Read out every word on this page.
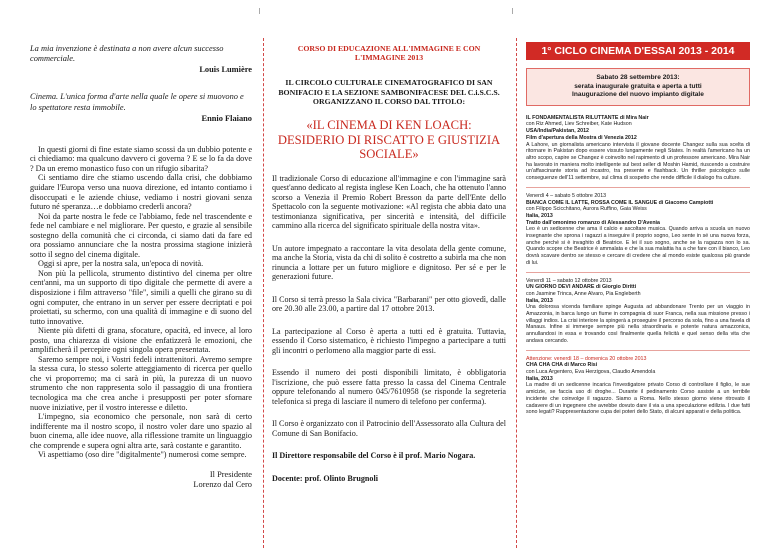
La mia invenzione è destinata a non avere alcun successo commerciale.

Louis Lumière

Cinema. L'unica forma d'arte nella quale le opere si muovono e lo spettatore resta immobile.

Ennio Flaiano

In questi giorni di fine estate siamo scossi da un dubbio potente e ci chiediamo: ma qualcuno davvero ci governa ? E se lo fa da dove ? Da un eremo monastico fuso con un rifugio sibarita?

Ci sentiamo dire che stiamo uscendo dalla crisi, che dobbiamo guidare l'Europa verso una nuova direzione, ed intanto contiamo i disoccupati e le aziende chiuse, vediamo i nostri giovani senza futuro né speranza…e dobbiamo crederli ancora?

Noi da parte nostra le fede ce l'abbiamo, fede nel trascendente e fede nel cambiare e nel migliorare. Per questo, e grazie al sensibile sostegno della comunità che ci circonda, ci siamo dati da fare ed ora possiamo annunciare che la nostra prossima stagione inizierà sotto il segno del cinema digitale.

Oggi si apre, per la nostra sala, un'epoca di novità.

Non più la pellicola, strumento distintivo del cinema per oltre cent'anni, ma un supporto di tipo digitale che permette di avere a disposizione i film attraverso "file", simili a quelli che girano su di ogni computer, che entrano in un server per essere decriptati e poi proiettati, su schermo, con una qualità di immagine e di suono del tutto innovative.

Niente più difetti di grana, sfocature, opacità, ed invece, al loro posto, una chiarezza di visione che enfatizzerà le emozioni, che amplificherà il percepire ogni singola opera presentata.

Saremo sempre noi, i Vostri fedeli intrattenitori. Avremo sempre la stessa cura, lo stesso solerte atteggiamento di ricerca per quello che vi proporremo; ma ci sarà in più, la purezza di un nuovo strumento che non rappresenta solo il passaggio di una frontiera tecnologica ma che crea anche i presupposti per poter sfornare nuove iniziative, per il vostro interesse e diletto.

L'impegno, sia economico che personale, non sarà di certo indifferente ma il nostro scopo, il nostro voler dare uno spazio al buon cinema, alle idee nuove, alla riflessione tramite un linguaggio che comprende e supera ogni altra arte, sarà costante e garantito.

Vi aspettiamo (oso dire "digitalmente") numerosi come sempre.

Il Presidente

Lorenzo dal Cero

CORSO DI EDUCAZIONE ALL'IMMAGINE E CON L'IMMAGINE 2013

IL CIRCOLO CULTURALE CINEMATOGRAFICO DI SAN BONIFACIO E LA SEZIONE SAMBONIFACESE DEL C.i.S.C.S. ORGANIZZANO IL CORSO DAL TITOLO:

«IL CINEMA DI KEN LOACH: DESIDERIO DI RISCATTO E GIUSTIZIA SOCIALE»

Il tradizionale Corso di educazione all'immagine e con l'immagine sarà quest'anno dedicato al regista inglese Ken Loach, che ha ottenuto l'anno scorso a Venezia il Premio Robert Bresson da parte dell'Ente dello Spettacolo con la seguente motivazione: «Al regista che abbia dato una testimonianza significativa, per sincerità e intensità, del difficile cammino alla ricerca del significato spirituale della nostra vita».

Un autore impegnato a raccontare la vita desolata della gente comune, ma anche la Storia, vista da chi di solito è costretto a subirla ma che non rinuncia a lottare per un futuro migliore e dignitoso. Per sé e per le generazioni future.

Il Corso si terrà presso la Sala civica "Barbarani" per otto giovedì, dalle ore 20.30 alle 23.00, a partire dal 17 ottobre 2013.

La partecipazione al Corso è aperta a tutti ed è gratuita. Tuttavia, essendo il Corso sistematico, è richiesto l'impegno a partecipare a tutti gli incontri o perlomeno alla maggior parte di essi.

Essendo il numero dei posti disponibili limitato, è obbligatoria l'iscrizione, che può essere fatta presso la cassa del Cinema Centrale oppure telefonando al numero 045/7610958 (se risponde la segreteria telefonica si prega di lasciare il numero di telefono per conferma).

Il Corso è organizzato con il Patrocinio dell'Assessorato alla Cultura del Comune di San Bonifacio.

Il Direttore responsabile del Corso è il prof. Mario Nogara.

Docente: prof. Olinto Brugnoli

1° CICLO CINEMA D'ESSAI 2013 - 2014
Sabato 28 settembre 2013:
serata inaugurale gratuita e aperta a tutti
Inaugurazione del nuovo impianto digitale

IL FONDAMENTALISTA RILUTTANTE di Mira Nair

con Riz Ahmed, Liev Schreiber, Kate Hudson

USA/India/Pakistan, 2012

Film d'apertura della Mostra di Venezia 2012

A Lahore, un giornalista americano intervista il giovane docente Changez sulla sua scelta di ritornare in Pakistan dopo essere vissuto lungamente negli States. In realtà l'americano ha un altro scopo, capire se Changez è coinvolto nel rapimento di un professore americano. Mira Nair ha lavorato in maniera molto intelligente sul best seller di Moshin Hamid, riuscendo a costruire un'affascinante storia ad incastro, tra presente e flashback. Un thriller psicologico sulle conseguenze dell'11 settembre, sul clima di sospetto che rende difficile il dialogo fra culture.

Venerdì 4 – sabato 5 ottobre 2013

BIANCA COME IL LATTE, ROSSA COME IL SANGUE di Giacomo Campiotti

con Filippo Scicchitano, Aurora Ruffino, Gaia Weiss

Italia, 2013

Tratto dall'omonimo romanzo di Alessandro D'Avenia

Leo è un sedicenne che ama il calcio e ascoltare musica. Quando arriva a scuola un nuovo insegnante che sprona i ragazzi a inseguire il proprio sogno, Leo sente in sé una nuova forza, anche perché si è invaghito di Beatrice. E lei il suo sogno, anche se la ragazza non lo sa. Quando scopre che Beatrice è ammalata e che la sua malattia ha a che fare con il bianco, Leo dovrà scavare dentro se stesso e cercare di credere che al mondo esiste qualcosa più grande di lui.

Venerdì 11 – sabato 12 ottobre 2013

UN GIORNO DEVI ANDARE di Giorgio Diritti

con Jasmine Trinca, Anne Alvaro, Pia Engleberth

Italia, 2013

Una dolorosa vicenda familiare spinge Augusta ad abbandonare Trento per un viaggio in Amazzonia, in barca lungo un fiume in compagnia di suor Franca, nella sua missione presso i villaggi indios. La crisi interiore la spingerà a proseguire il percorso da sola, fino a una favela di Manaus. Infine si immerge sempre più nella straordinaria e potente natura amazzonica, annullandosi in essa e trovando così finalmente quella felicità e quel senso della vita che andava cercando.

Attenzione: venerdì 18 – domenica 20 ottobre 2013

CHA CHA CHA di Marco Risi

con Luca Argentero, Eva Herzigova, Claudio Amendola

Italia, 2013

La madre di un sedicenne incarica l'investigatore privato Corso di controllare il figlio, le sue amicizie, se faccia uso di droghe... Durante il pedinamento Corso assiste a un terribile incidente che coinvolge il ragazzo. Siamo a Roma. Nello stesso giorno viene ritrovato il cadavere di un ingegnere che avrebbe dovuto dare il via a una speculazione edilizia. I due fatti sono legati? Rappresentazione cupa dei poteri dello Stato, di alcuni apparati e della politica.
